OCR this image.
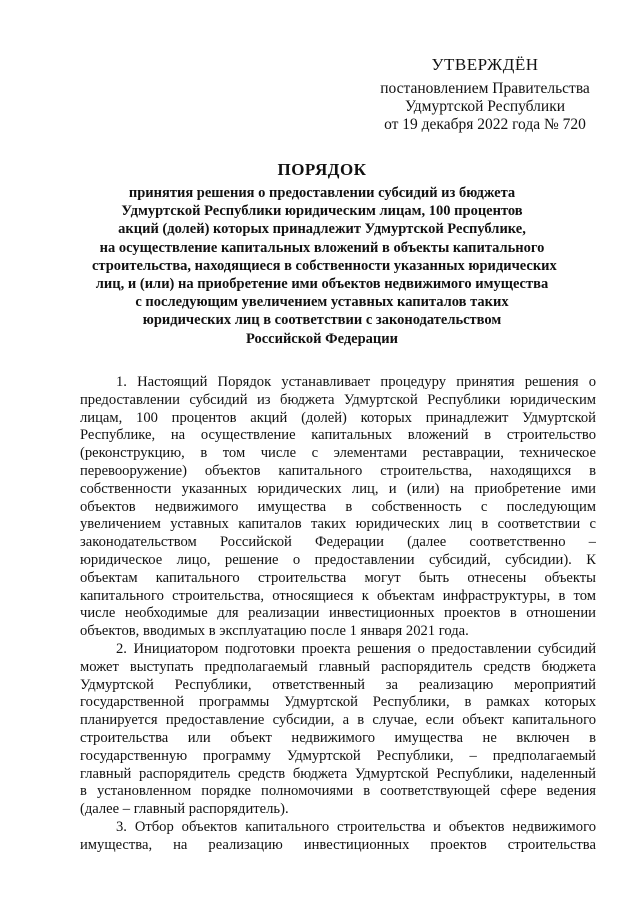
УТВЕРЖДЁН
постановлением Правительства
Удмуртской Республики
от 19 декабря 2022 года № 720
ПОРЯДОК
принятия решения о предоставлении субсидий из бюджета
Удмуртской Республики юридическим лицам, 100 процентов
акций (долей) которых принадлежит Удмуртской Республике,
на осуществление капитальных вложений в объекты капитального
строительства, находящиеся в собственности указанных юридических
лиц, и (или) на приобретение ими объектов недвижимого имущества
с последующим увеличением уставных капиталов таких
юридических лиц в соответствии с законодательством
Российской Федерации
1. Настоящий Порядок устанавливает процедуру принятия решения о
предоставлении субсидий из бюджета Удмуртской Республики юридическим
лицам, 100 процентов акций (долей) которых принадлежит Удмуртской
Республике, на осуществление капитальных вложений в строительство
(реконструкцию, в том числе с элементами реставрации, техническое
перевооружение) объектов капитального строительства, находящихся в
собственности указанных юридических лиц, и (или) на приобретение ими
объектов недвижимого имущества в собственность с последующим
увеличением уставных капиталов таких юридических лиц в соответствии с
законодательством Российской Федерации (далее соответственно –
юридическое лицо, решение о предоставлении субсидий, субсидии). К
объектам капитального строительства могут быть отнесены объекты
капитального строительства, относящиеся к объектам инфраструктуры, в том
числе необходимые для реализации инвестиционных проектов в отношении
объектов, вводимых в эксплуатацию после 1 января 2021 года.
2. Инициатором подготовки проекта решения о предоставлении субсидий
может выступать предполагаемый главный распорядитель средств бюджета
Удмуртской Республики, ответственный за реализацию мероприятий
государственной программы Удмуртской Республики, в рамках которых
планируется предоставление субсидии, а в случае, если объект капитального
строительства или объект недвижимого имущества не включен в
государственную программу Удмуртской Республики, – предполагаемый
главный распорядитель средств бюджета Удмуртской Республики, наделенный
в установленном порядке полномочиями в соответствующей сфере ведения
(далее – главный распорядитель).
3. Отбор объектов капитального строительства и объектов недвижимого
имущества, на реализацию инвестиционных проектов строительства
